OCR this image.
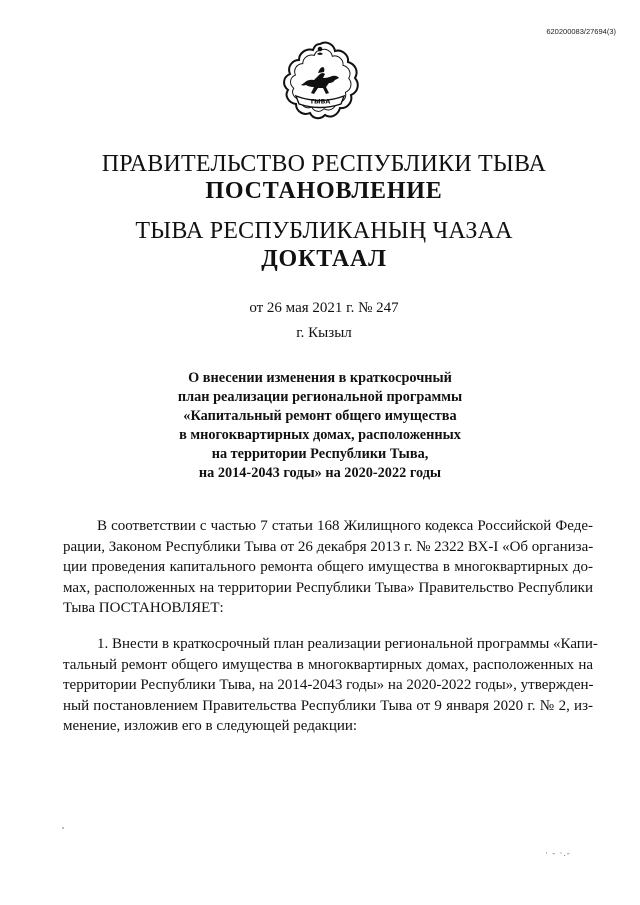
620200083/27694(3)
ТЫВА
ПРАВИТЕЛЬСТВО РЕСПУБЛИКИ ТЫВА
ПОСТАНОВЛЕНИЕ
ТЫВА РЕСПУБЛИКАНЫҢ ЧАЗАА
ДОКТААЛ
от 26 мая 2021 г. № 247
г. Кызыл
О внесении изменения в краткосрочный
план реализации региональной программы
«Капитальный ремонт общего имущества
в многоквартирных домах, расположенных
на территории Республики Тыва,
на 2014-2043 годы» на 2020-2022 годы
В соответствии с частью 7 статьи 168 Жилищного кодекса Российской Феде-
рации, Законом Республики Тыва от 26 декабря 2013 г. № 2322 ВХ-I «Об организа-
ции проведения капитального ремонта общего имущества в многоквартирных до-
мах, расположенных на территории Республики Тыва» Правительство Республики
Тыва ПОСТАНОВЛЯЕТ:
1. Внести в краткосрочный план реализации региональной программы «Капи-
тальный ремонт общего имущества в многоквартирных домах, расположенных на
территории Республики Тыва, на 2014-2043 годы» на 2020-2022 годы», утвержден-
ный постановлением Правительства Республики Тыва от 9 января 2020 г. № 2, из-
менение, изложив его в следующей редакции:
· - ·.-
